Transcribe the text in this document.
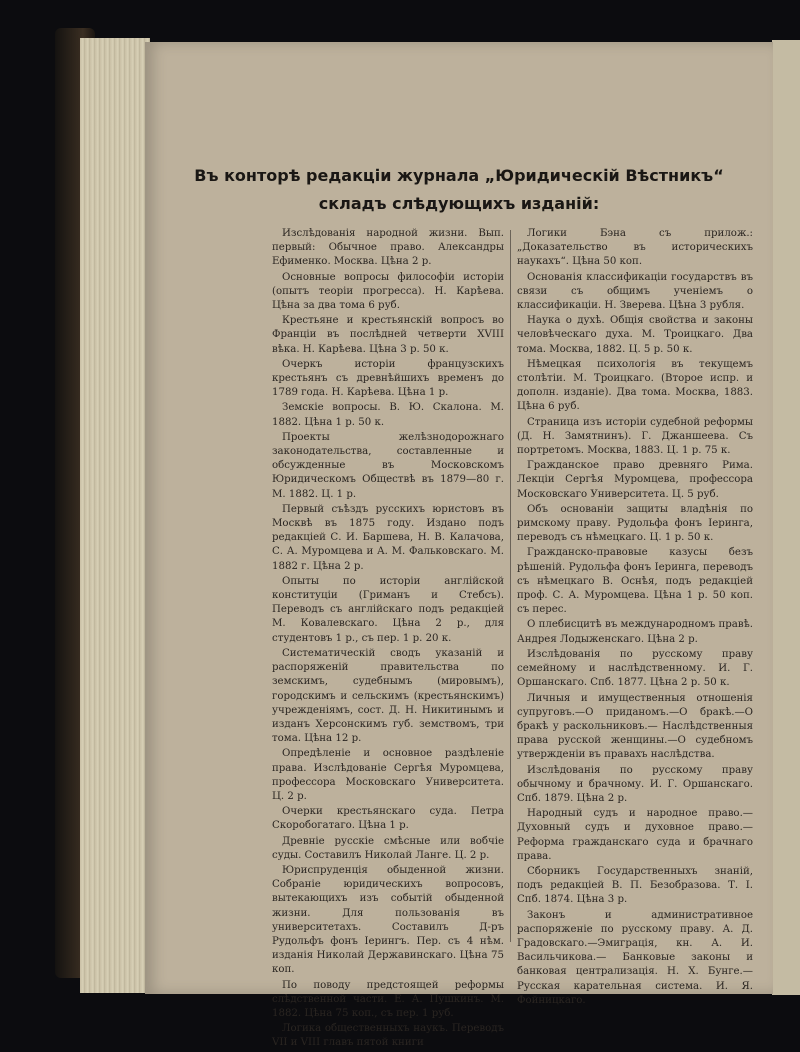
Въ конторѣ редакціи журнала „Юридическій Вѣстникъ“
складъ слѣдующихъ изданій:

Изслѣдованія народной жизни. Вып. первый: Обычное право. Александры Ефименко. Москва. Цѣна 2 р.

Основные вопросы философіи исторіи (опытъ теоріи прогресса). Н. Карѣева. Цѣна за два тома 6 руб.

Крестьяне и крестьянскій вопросъ во Франціи въ послѣдней четверти XVIII вѣка. Н. Карѣева. Цѣна 3 р. 50 к.

Очеркъ исторіи французскихъ крестьянъ съ древнѣйшихъ временъ до 1789 года. Н. Карѣева. Цѣна 1 р.

Земскіе вопросы. В. Ю. Скалона. М. 1882. Цѣна 1 р. 50 к.

Проекты желѣзнодорожнаго законодательства, составленные и обсужденные въ Московскомъ Юридическомъ Обществѣ въ 1879—80 г. М. 1882. Ц. 1 р.

Первый съѣздъ русскихъ юристовъ въ Москвѣ въ 1875 году. Издано подъ редакціей С. И. Баршева, Н. В. Калачова, С. А. Муромцева и А. М. Фальковскаго. М. 1882 г. Цѣна 2 р.

Опыты по исторіи англійской конституціи (Гриманъ и Стебсъ). Переводъ съ англійскаго подъ редакціей М. Ковалевскаго. Цѣна 2 р., для студентовъ 1 р., съ пер. 1 р. 20 к.

Систематическій сводъ указаній и распоряженій правительства по земскимъ, судебнымъ (мировымъ), городскимъ и сельскимъ (крестьянскимъ) учрежденіямъ, сост. Д. Н. Никитинымъ и изданъ Херсонскимъ губ. земствомъ, три тома. Цѣна 12 р.

Опредѣленіе и основное раздѣленіе права. Изслѣдованіе Сергѣя Муромцева, профессора Московскаго Университета. Ц. 2 р.

Очерки крестьянскаго суда. Петра Скоробогатаго. Цѣна 1 р.

Древніе русскіе смѣсные или вобчіе суды. Составилъ Николай Ланге. Ц. 2 р.

Юриспруденція обыденной жизни. Собраніе юридическихъ вопросовъ, вытекающихъ изъ событій обыденной жизни. Для пользованія въ университетахъ. Составилъ Д-ръ Рудольфъ фонъ Іерингъ. Пер. съ 4 нѣм. изданія Николай Державинскаго. Цѣна 75 коп.

По поводу предстоящей реформы слѣдственной части. Е. А. Пушкинъ. М. 1882. Цѣна 75 коп., съ пер. 1 руб.

Логика общественныхъ наукъ. Переводъ VII и VIII главъ пятой книги

Логики Бэна съ прилож.: „Доказательство въ историческихъ наукахъ“. Цѣна 50 коп.

Основанія классификаціи государствъ въ связи съ общимъ ученіемъ о классификаціи. Н. Зверева. Цѣна 3 рубля.

Наука о духѣ. Общія свойства и законы человѣческаго духа. М. Троицкаго. Два тома. Москва, 1882. Ц. 5 р. 50 к.

Нѣмецкая психологія въ текущемъ столѣтіи. М. Троицкаго. (Второе испр. и дополн. изданіе). Два тома. Москва, 1883. Цѣна 6 руб.

Страница изъ исторіи судебной реформы (Д. Н. Замятнинъ). Г. Джаншеева. Съ портретомъ. Москва, 1883. Ц. 1 р. 75 к.

Гражданское право древняго Рима. Лекціи Сергѣя Муромцева, профессора Московскаго Университета. Ц. 5 руб.

Объ основаніи защиты владѣнія по римскому праву. Рудольфа фонъ Іеринга, переводъ съ нѣмецкаго. Ц. 1 р. 50 к.

Гражданско-правовые казусы безъ рѣшеній. Рудольфа фонъ Іеринга, переводъ съ нѣмецкаго В. Оснѣя, подъ редакціей проф. С. А. Муромцева. Цѣна 1 р. 50 коп. съ перес.

О плебисцитѣ въ международномъ правѣ. Андрея Лодыженскаго. Цѣна 2 р.

Изслѣдованія по русскому праву семейному и наслѣдственному. И. Г. Оршанскаго. Спб. 1877. Цѣна 2 р. 50 к.

Личныя и имущественныя отношенія супруговъ.—О приданомъ.—О бракѣ.—О бракѣ у раскольниковъ.— Наслѣдственныя права русской женщины.—О судебномъ утвержденіи въ правахъ наслѣдства.

Изслѣдованія по русскому праву обычному и брачному. И. Г. Оршанскаго. Спб. 1879. Цѣна 2 р.

Народный судъ и народное право.—Духовный судъ и духовное право.—Реформа гражданскаго суда и брачнаго права.

Сборникъ Государственныхъ знаній, подъ редакціей В. П. Безобразова. Т. I. Спб. 1874. Цѣна 3 р.

Законъ и административное распоряженіе по русскому праву. А. Д. Градовскаго.—Эмиграція, кн. А. И. Васильчикова.— Банковые законы и банковая централизація. Н. Х. Бунге.—Русская карательная система. И. Я. Фойницкаго.
